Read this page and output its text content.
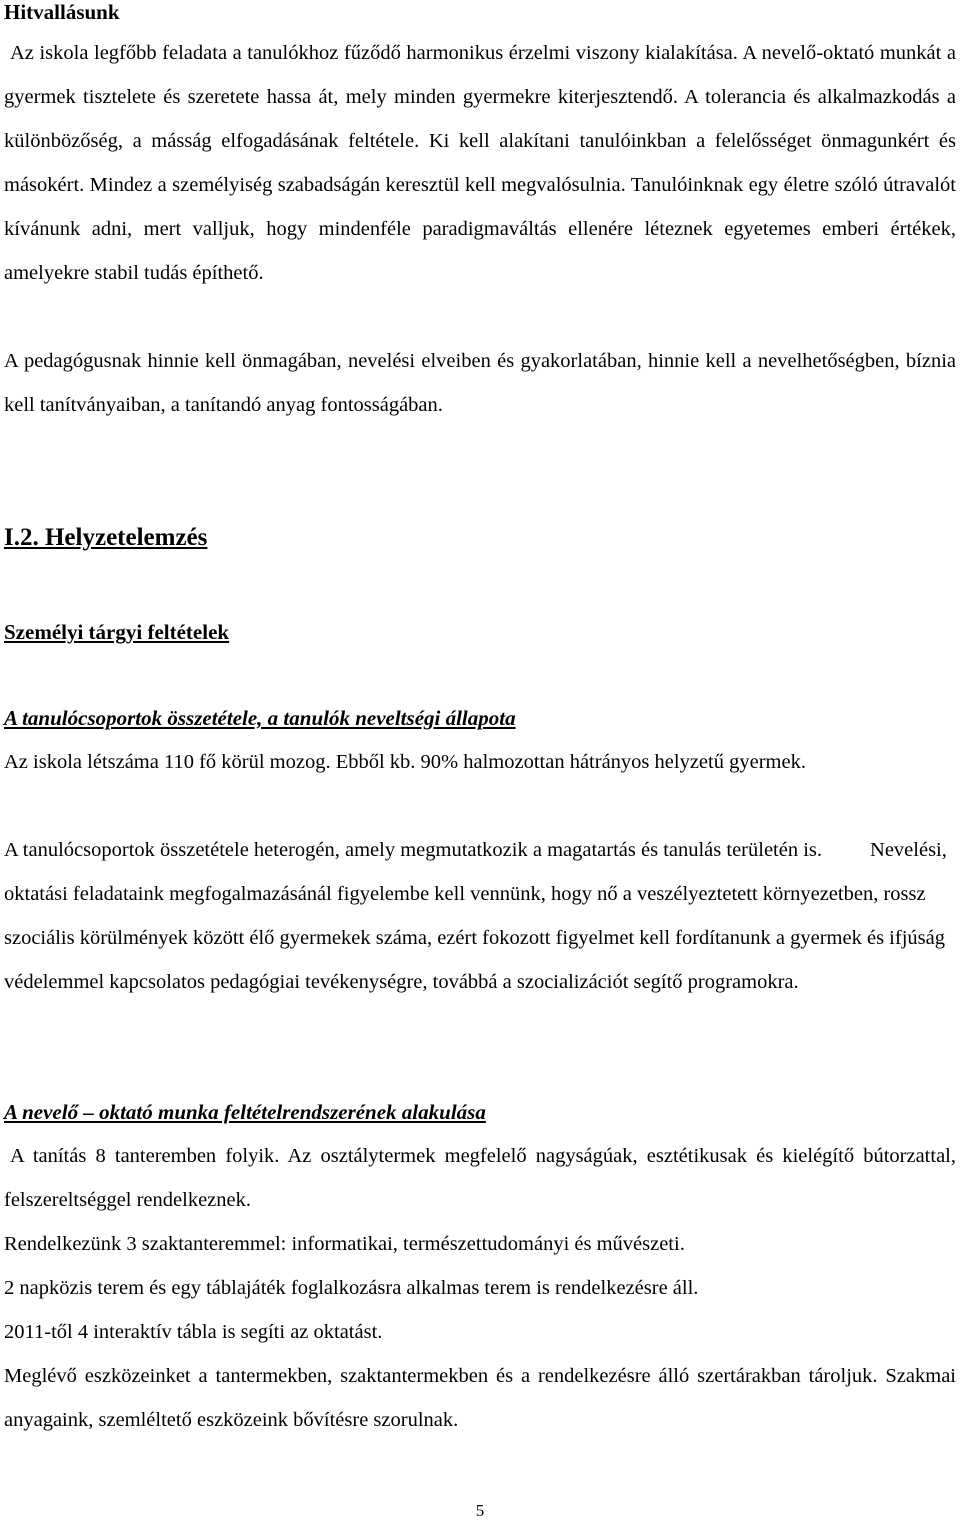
Hitvallásunk

Az iskola legfőbb feladata a tanulókhoz fűződő harmonikus érzelmi viszony kialakítása. A nevelő-oktató munkát a gyermek tisztelete és szeretete hassa át, mely minden gyermekre kiterjesztendő. A tolerancia és alkalmazkodás a különbözőség, a másság elfogadásának feltétele. Ki kell alakítani tanulóinkban a felelősséget önmagunkért és másokért. Mindez a személyiség szabadságán keresztül kell megvalósulnia. Tanulóinknak egy életre szóló útravalót kívánunk adni, mert valljuk, hogy mindenféle paradigmaváltás ellenére léteznek egyetemes emberi értékek, amelyekre stabil tudás építhető.

A pedagógusnak hinnie kell önmagában, nevelési elveiben és gyakorlatában, hinnie kell a nevelhetőségben, bíznia kell tanítványaiban, a tanítandó anyag fontosságában.

I.2. Helyzetelemzés
Személyi tárgyi feltételek
A tanulócsoportok összetétele, a tanulók neveltségi állapota

Az iskola létszáma 110 fő körül mozog. Ebből kb. 90% halmozottan hátrányos helyzetű gyermek.

A tanulócsoportok összetétele heterogén, amely megmutatkozik a magatartás és tanulás területén is.

Nevelési, oktatási feladataink megfogalmazásánál figyelembe kell vennünk, hogy nő a veszélyeztetett környezetben, rossz szociális körülmények között élő gyermekek száma, ezért fokozott figyelmet kell fordítanunk a gyermek és ifjúság védelemmel kapcsolatos pedagógiai tevékenységre, továbbá a szocializációt segítő programokra.

A nevelő – oktató munka feltételrendszerének alakulása

A tanítás 8 tanteremben folyik. Az osztálytermek megfelelő nagyságúak, esztétikusak és kielégítő bútorzattal, felszereltséggel rendelkeznek.

Rendelkezünk 3 szaktanteremmel: informatikai, természettudományi és művészeti.

2 napközis terem és egy táblajáték foglalkozásra alkalmas terem is rendelkezésre áll.

2011-től 4 interaktív tábla is segíti az oktatást.

Meglévő eszközeinket a tantermekben, szaktantermekben és a rendelkezésre álló szertárakban tároljuk. Szakmai anyagaink, szemléltető eszközeink bővítésre szorulnak.

5
